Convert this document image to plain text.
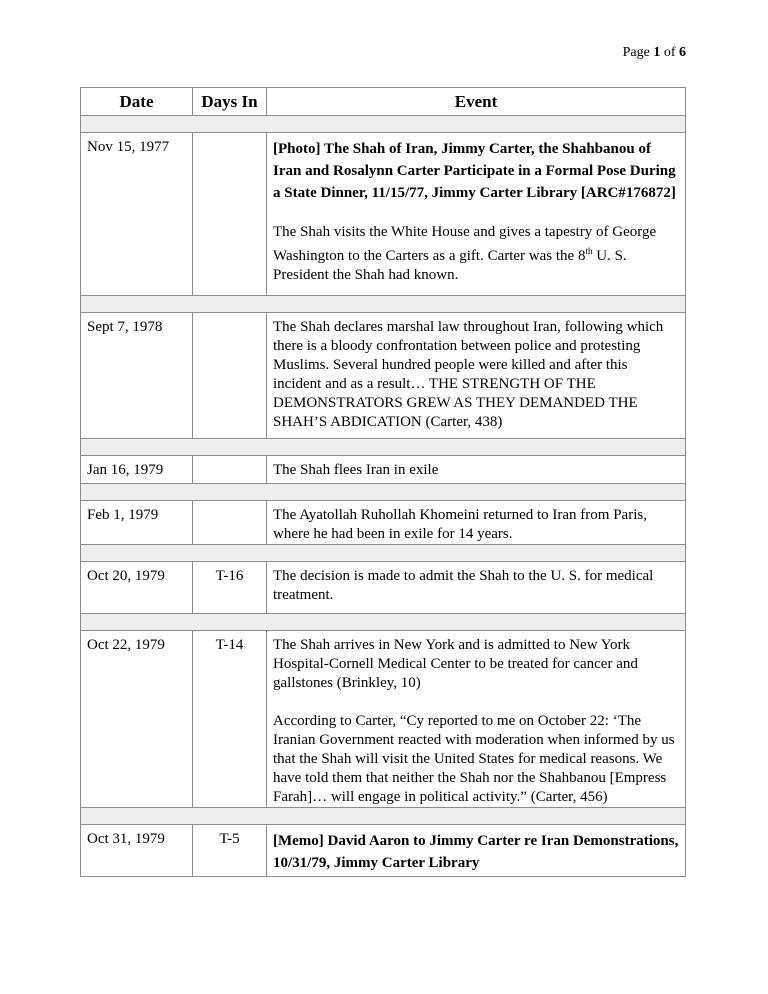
Page 1 of 6
Date	Days In	Event

Nov 15, 1977		[Photo] The Shah of Iran, Jimmy Carter, the Shahbanou of Iran and Rosalynn Carter Participate in a Formal Pose During a State Dinner, 11/15/77, Jimmy Carter Library [ARC#176872]

The Shah visits the White House and gives a tapestry of George Washington to the Carters as a gift. Carter was the 8th U. S. President the Shah had known.

Sept 7, 1978		The Shah declares marshal law throughout Iran, following which there is a bloody confrontation between police and protesting Muslims. Several hundred people were killed and after this incident and as a result… THE STRENGTH OF THE DEMONSTRATORS GREW AS THEY DEMANDED THE SHAH’S ABDICATION (Carter, 438)

Jan 16, 1979		The Shah flees Iran in exile

Feb 1, 1979		The Ayatollah Ruhollah Khomeini returned to Iran from Paris, where he had been in exile for 14 years.

Oct 20, 1979	T-16	The decision is made to admit the Shah to the U. S. for medical treatment.

Oct 22, 1979	T-14	The Shah arrives in New York and is admitted to New York Hospital-Cornell Medical Center to be treated for cancer and gallstones (Brinkley, 10)

According to Carter, “Cy reported to me on October 22: ‘The Iranian Government reacted with moderation when informed by us that the Shah will visit the United States for medical reasons. We have told them that neither the Shah nor the Shahbanou [Empress Farah]… will engage in political activity.” (Carter, 456)

Oct 31, 1979	T-5	[Memo] David Aaron to Jimmy Carter re Iran Demonstrations, 10/31/79, Jimmy Carter Library
